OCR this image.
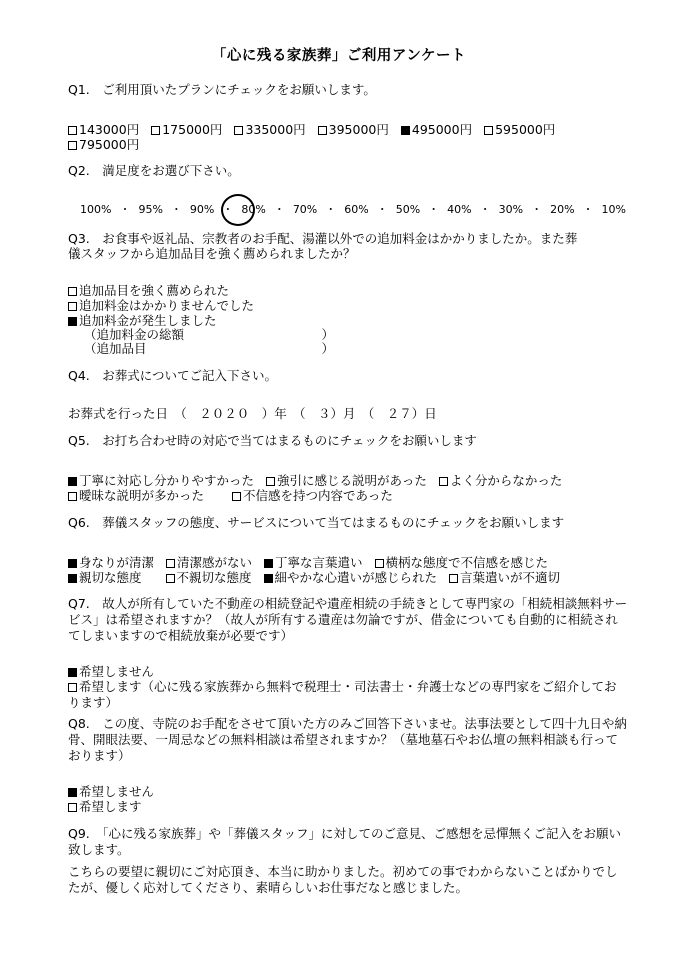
「心に残る家族葬」ご利用アンケート
Q1.　ご利用頂いたプランにチェックをお願いします。
143000円 175000円 335000円 395000円 495000円 595000円
795000円
Q2.　満足度をお選び下さい。
100% ・ 95% ・ 90% ・ 80% ・ 70% ・ 60% ・ 50% ・ 40% ・ 30% ・ 20% ・ 10%
Q3.　お食事や返礼品、宗教者のお手配、湯灌以外での追加料金はかかりましたか。また葬
儀スタッフから追加品目を強く薦められましたか？
追加品目を強く薦められた
追加料金はかかりませんでした
追加料金が発生しました
（追加料金の総額　　　　　　　　　　　）
（追加品目　　　　　　　　　　　　　　）
Q4.　お葬式についてご記入下さい。
お葬式を行った日　（　２０２０　）年　（　３）月　（　２７）日
Q5.　お打ち合わせ時の対応で当てはまるものにチェックをお願いします
丁寧に対応し分かりやすかった 強引に感じる説明があった よく分からなかった
曖昧な説明が多かった	不信感を持つ内容であった
Q6.　葬儀スタッフの態度、サービスについて当てはまるものにチェックをお願いします
身なりが清潔 清潔感がない 丁寧な言葉遣い 横柄な態度で不信感を感じた
親切な態度	不親切な態度 細やかな心遣いが感じられた 言葉遣いが不適切
Q7.　故人が所有していた不動産の相続登記や遺産相続の手続きとして専門家の「相続相談無料サービス」は希望されますか？（故人が所有する遺産は勿論ですが、借金についても自動的に相続されてしまいますので相続放棄が必要です）
希望しません
希望します（心に残る家族葬から無料で税理士・司法書士・弁護士などの専門家をご紹介しております）
Q8.　この度、寺院のお手配をさせて頂いた方のみご回答下さいませ。法事法要として四十九日や納骨、開眼法要、一周忌などの無料相談は希望されますか？（墓地墓石やお仏壇の無料相談も行っております）
希望しません
希望します
Q9.　「心に残る家族葬」や「葬儀スタッフ」に対してのご意見、ご感想を忌憚無くご記入をお願い致します。
こちらの要望に親切にご対応頂き、本当に助かりました。初めての事でわからないことばかりでしたが、優しく応対してくださり、素晴らしいお仕事だなと感じました。
